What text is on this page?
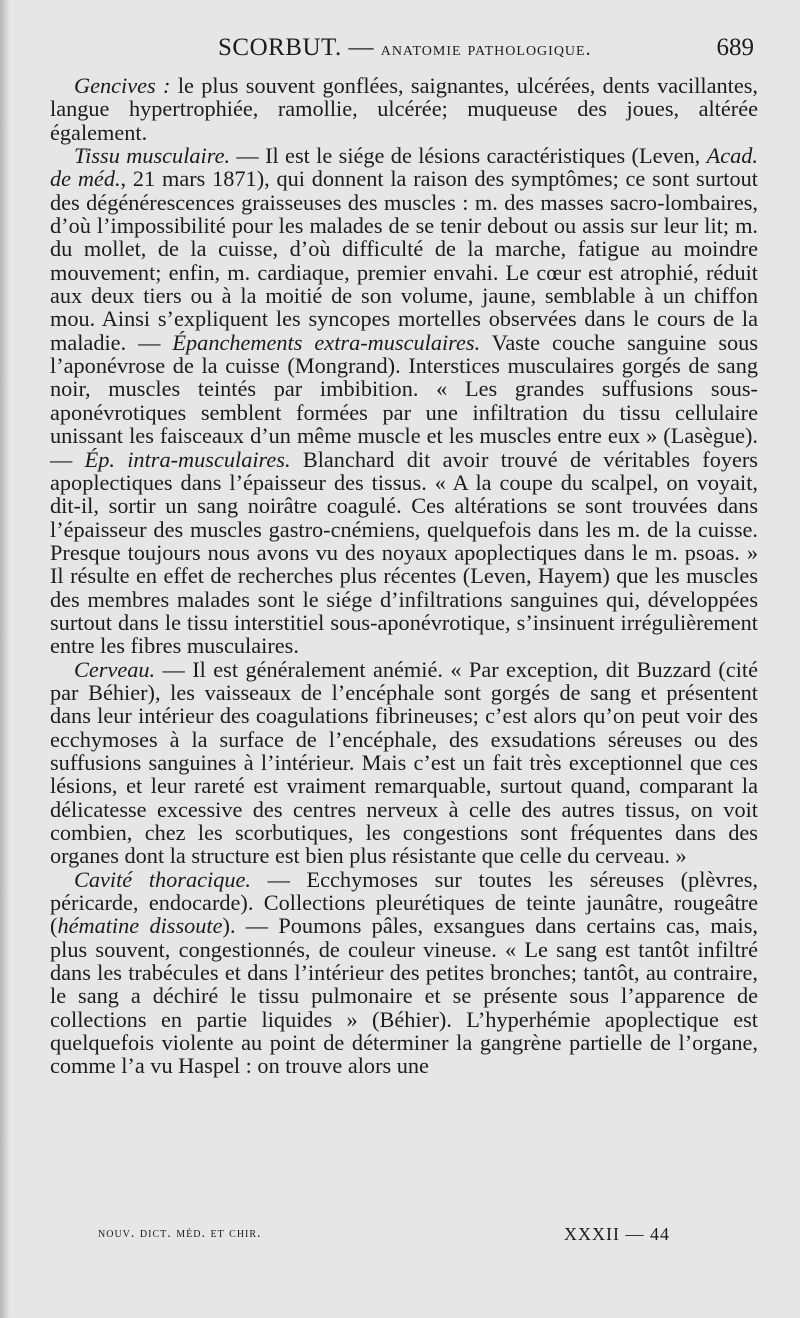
SCORBUT. — anatomie pathologique.	689

Gencives : le plus souvent gonflées, saignantes, ulcérées, dents vacillantes, langue hypertrophiée, ramollie, ulcérée; muqueuse des joues, altérée également.

Tissu musculaire. — Il est le siége de lésions caractéristiques (Leven, Acad. de méd., 21 mars 1871), qui donnent la raison des symptômes; ce sont surtout des dégénérescences graisseuses des muscles : m. des masses sacro-lombaires, d’où l’impossibilité pour les malades de se tenir debout ou assis sur leur lit; m. du mollet, de la cuisse, d’où difficulté de la marche, fatigue au moindre mouvement; enfin, m. cardiaque, premier envahi. Le cœur est atrophié, réduit aux deux tiers ou à la moitié de son volume, jaune, semblable à un chiffon mou. Ainsi s’expliquent les syncopes mortelles observées dans le cours de la maladie. — Épanchements extra-musculaires. Vaste couche sanguine sous l’aponévrose de la cuisse (Mongrand). Interstices musculaires gorgés de sang noir, muscles teintés par imbibition. « Les grandes suffusions sous-aponévrotiques semblent formées par une infiltration du tissu cellulaire unissant les faisceaux d’un même muscle et les muscles entre eux » (Lasègue). — Ép. intra-musculaires. Blanchard dit avoir trouvé de véritables foyers apoplectiques dans l’épaisseur des tissus. « A la coupe du scalpel, on voyait, dit-il, sortir un sang noirâtre coagulé. Ces altérations se sont trouvées dans l’épaisseur des muscles gastro-cnémiens, quelquefois dans les m. de la cuisse. Presque toujours nous avons vu des noyaux apoplectiques dans le m. psoas. » Il résulte en effet de recherches plus récentes (Leven, Hayem) que les muscles des membres malades sont le siége d’infiltrations sanguines qui, développées surtout dans le tissu interstitiel sous-aponévrotique, s’insinuent irrégulièrement entre les fibres musculaires.

Cerveau. — Il est généralement anémié. « Par exception, dit Buzzard (cité par Béhier), les vaisseaux de l’encéphale sont gorgés de sang et présentent dans leur intérieur des coagulations fibrineuses; c’est alors qu’on peut voir des ecchymoses à la surface de l’encéphale, des exsudations séreuses ou des suffusions sanguines à l’intérieur. Mais c’est un fait très exceptionnel que ces lésions, et leur rareté est vraiment remarquable, surtout quand, comparant la délicatesse excessive des centres nerveux à celle des autres tissus, on voit combien, chez les scorbutiques, les congestions sont fréquentes dans des organes dont la structure est bien plus résistante que celle du cerveau. »

Cavité thoracique. — Ecchymoses sur toutes les séreuses (plèvres, péricarde, endocarde). Collections pleurétiques de teinte jaunâtre, rougeâtre (hématine dissoute). — Poumons pâles, exsangues dans certains cas, mais, plus souvent, congestionnés, de couleur vineuse. « Le sang est tantôt infiltré dans les trabécules et dans l’intérieur des petites bronches; tantôt, au contraire, le sang a déchiré le tissu pulmonaire et se présente sous l’apparence de collections en partie liquides » (Béhier). L’hyperhémie apoplectique est quelquefois violente au point de déterminer la gangrène partielle de l’organe, comme l’a vu Haspel : on trouve alors une

nouv. dict. méd. et chir.	XXXII — 44
